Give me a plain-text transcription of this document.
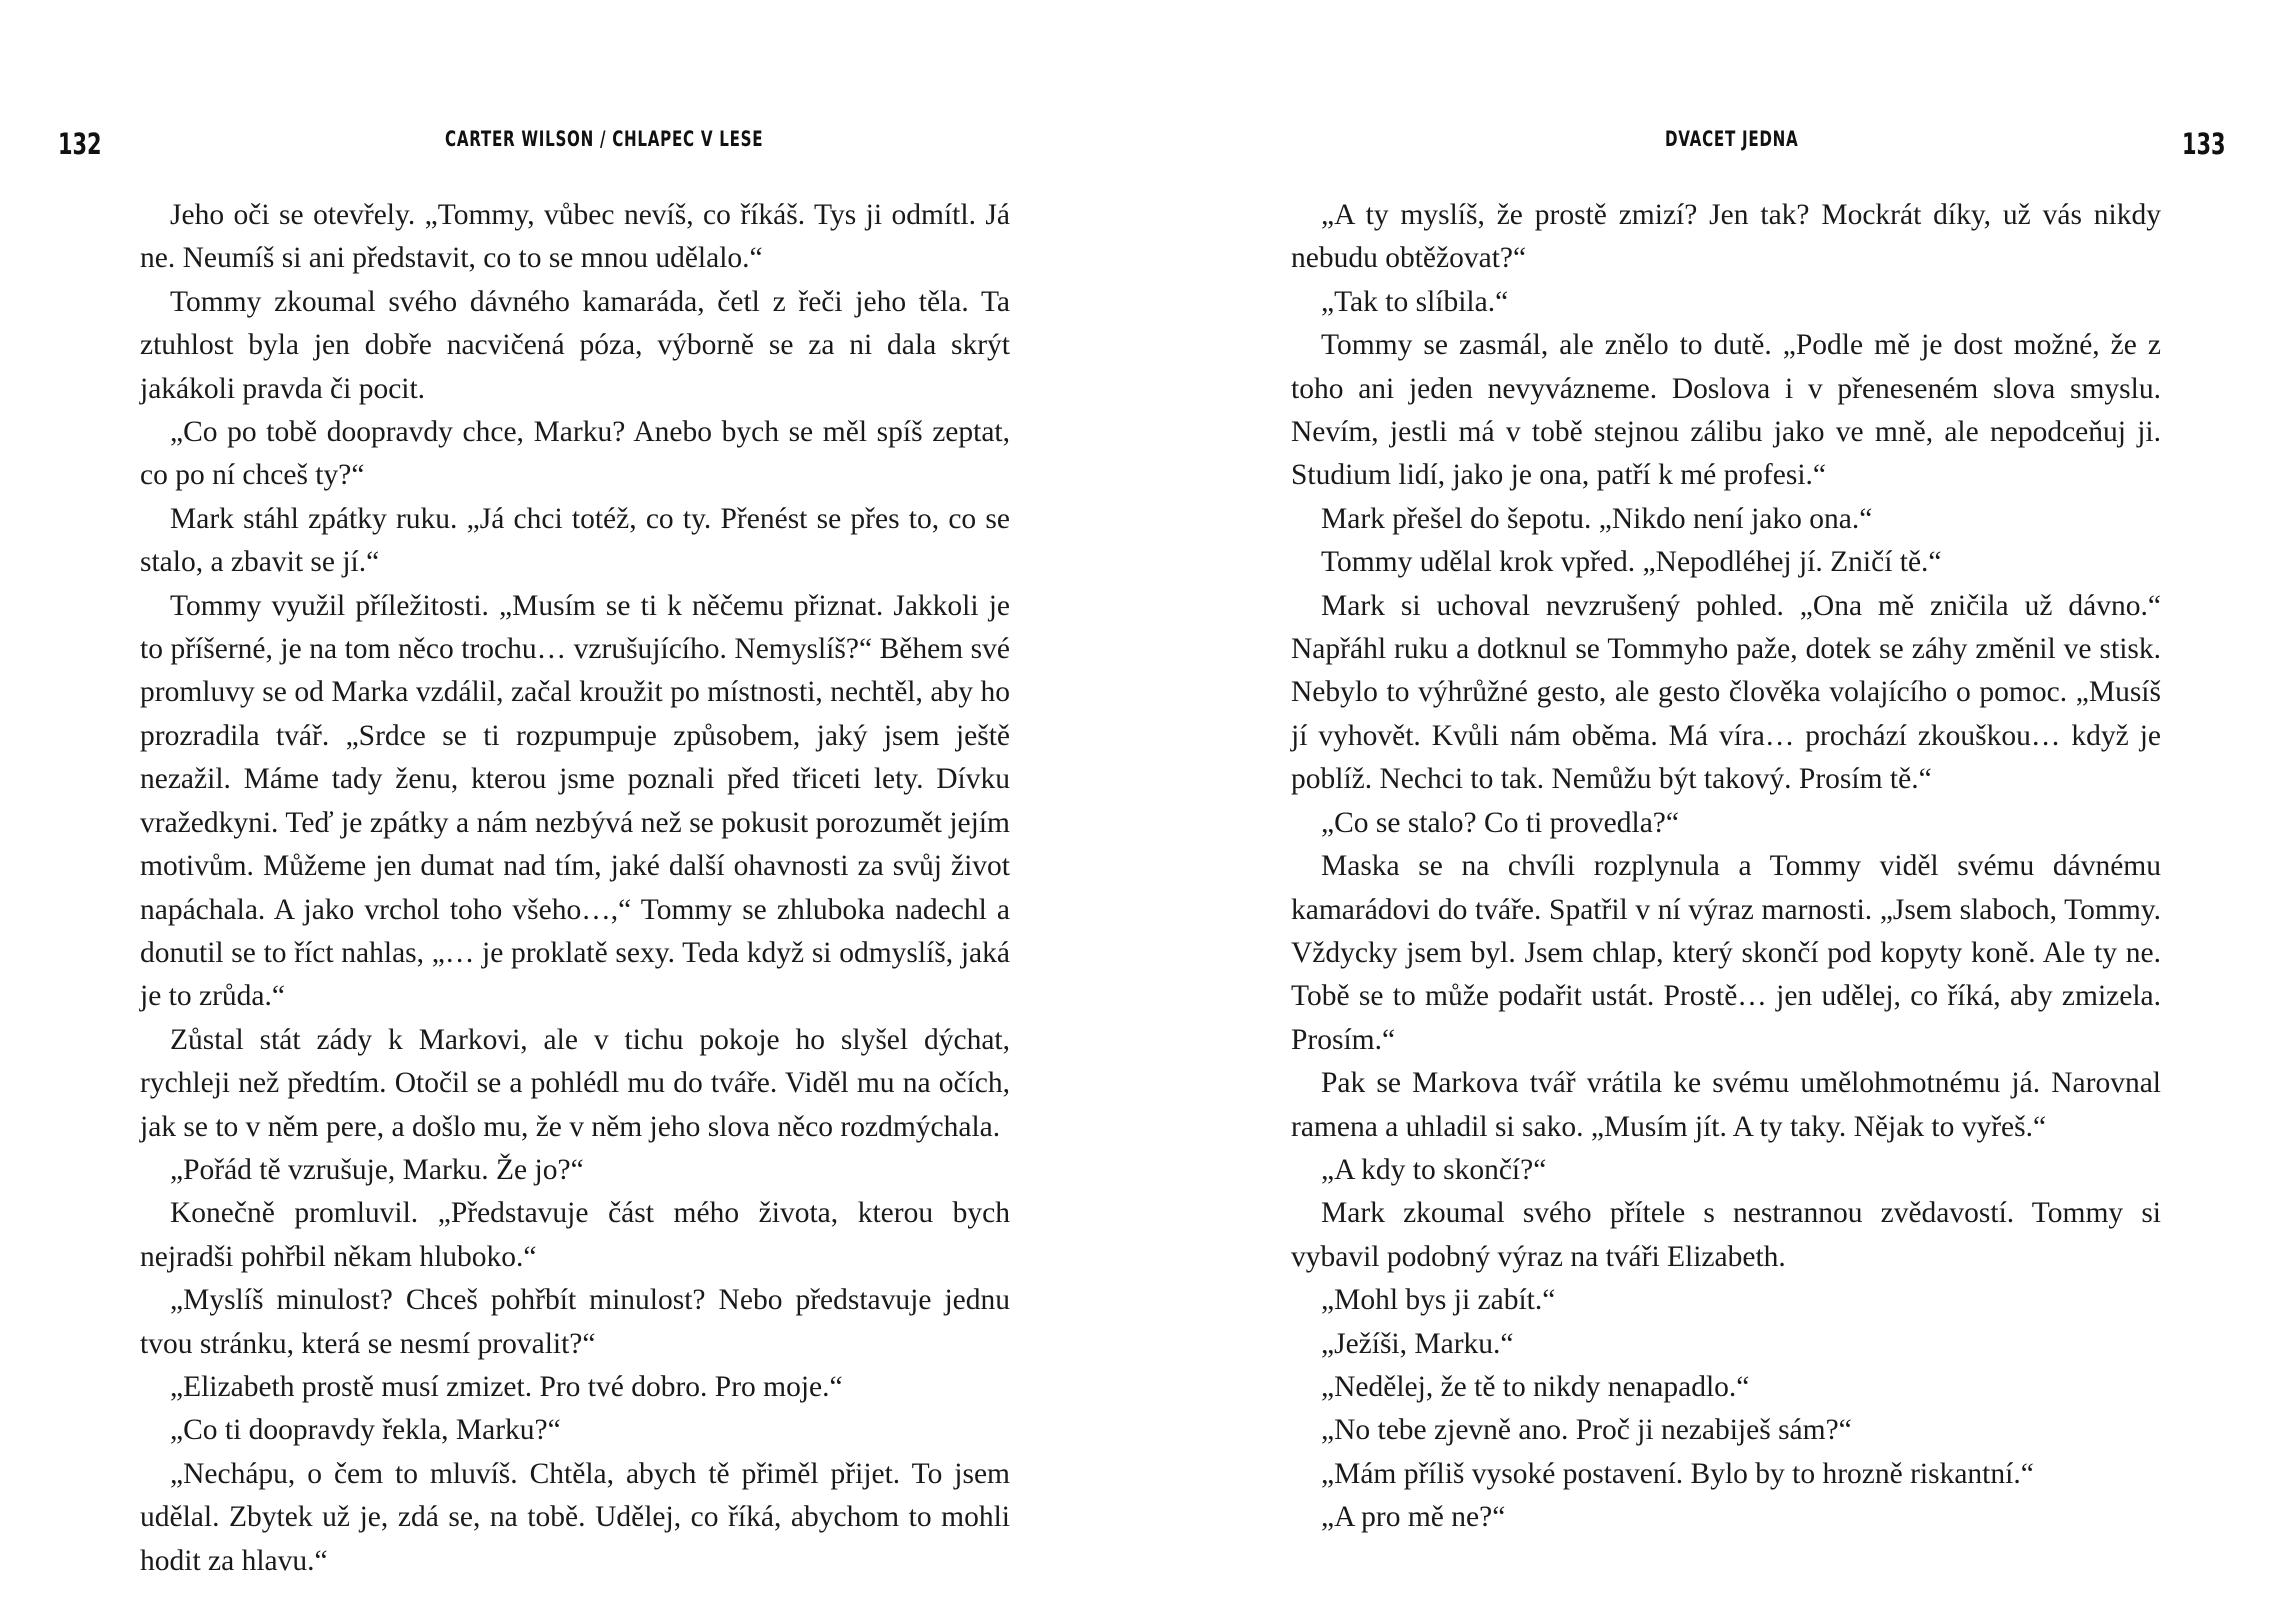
132	CARTER WILSON / CHLAPEC V LESE

Jeho oči se otevřely. „Tommy, vůbec nevíš, co říkáš. Tys ji odmítl. Já ne. Neumíš si ani představit, co to se mnou udělalo.“

Tommy zkoumal svého dávného kamaráda, četl z řeči jeho těla. Ta ztuhlost byla jen dobře nacvičená póza, výborně se za ni dala skrýt jakákoli pravda či pocit.

„Co po tobě doopravdy chce, Marku? Anebo bych se měl spíš zeptat, co po ní chceš ty?“

Mark stáhl zpátky ruku. „Já chci totéž, co ty. Přenést se přes to, co se stalo, a zbavit se jí.“

Tommy využil příležitosti. „Musím se ti k něčemu přiznat. Jakkoli je to příšerné, je na tom něco trochu… vzrušujícího. Nemyslíš?“ Během své promluvy se od Marka vzdálil, začal kroužit po místnosti, nechtěl, aby ho prozradila tvář. „Srdce se ti rozpumpuje způsobem, jaký jsem ještě nezažil. Máme tady ženu, kterou jsme poznali před třiceti lety. Dívku vražedkyni. Teď je zpátky a nám nezbývá než se pokusit porozumět jejím motivům. Můžeme jen dumat nad tím, jaké další ohavnosti za svůj život napáchala. A jako vrchol toho všeho…,“ Tommy se zhluboka nadechl a donutil se to říct nahlas, „… je proklatě sexy. Teda když si odmyslíš, jaká je to zrůda.“

Zůstal stát zády k Markovi, ale v tichu pokoje ho slyšel dýchat, rychleji než předtím. Otočil se a pohlédl mu do tváře. Viděl mu na očích, jak se to v něm pere, a došlo mu, že v něm jeho slova něco rozdmýchala.

„Pořád tě vzrušuje, Marku. Že jo?“

Konečně promluvil. „Představuje část mého života, kterou bych nejradši pohřbil někam hluboko.“

„Myslíš minulost? Chceš pohřbít minulost? Nebo představuje jednu tvou stránku, která se nesmí provalit?“

„Elizabeth prostě musí zmizet. Pro tvé dobro. Pro moje.“

„Co ti doopravdy řekla, Marku?“

„Nechápu, o čem to mluvíš. Chtěla, abych tě přiměl přijet. To jsem udělal. Zbytek už je, zdá se, na tobě. Udělej, co říká, abychom to mohli hodit za hlavu.“

DVACET JEDNA	133

„A ty myslíš, že prostě zmizí? Jen tak? Mockrát díky, už vás nikdy nebudu obtěžovat?“

„Tak to slíbila.“

Tommy se zasmál, ale znělo to dutě. „Podle mě je dost možné, že z toho ani jeden nevyvázneme. Doslova i v přeneseném slova smyslu. Nevím, jestli má v tobě stejnou zálibu jako ve mně, ale nepodceňuj ji. Studium lidí, jako je ona, patří k mé profesi.“

Mark přešel do šepotu. „Nikdo není jako ona.“

Tommy udělal krok vpřed. „Nepodléhej jí. Zničí tě.“

Mark si uchoval nevzrušený pohled. „Ona mě zničila už dávno.“ Napřáhl ruku a dotknul se Tommyho paže, dotek se záhy změnil ve stisk. Nebylo to výhrůžné gesto, ale gesto člověka volajícího o pomoc. „Musíš jí vyhovět. Kvůli nám oběma. Má víra… prochází zkouškou… když je poblíž. Nechci to tak. Nemůžu být takový. Prosím tě.“

„Co se stalo? Co ti provedla?“

Maska se na chvíli rozplynula a Tommy viděl svému dávnému kamarádovi do tváře. Spatřil v ní výraz marnosti. „Jsem slaboch, Tommy. Vždycky jsem byl. Jsem chlap, který skončí pod kopyty koně. Ale ty ne. Tobě se to může podařit ustát. Prostě… jen udělej, co říká, aby zmizela. Prosím.“

Pak se Markova tvář vrátila ke svému umělohmotnému já. Narovnal ramena a uhladil si sako. „Musím jít. A ty taky. Nějak to vyřeš.“

„A kdy to skončí?“

Mark zkoumal svého přítele s nestrannou zvědavostí. Tommy si vybavil podobný výraz na tváři Elizabeth.

„Mohl bys ji zabít.“

„Ježíši, Marku.“

„Nedělej, že tě to nikdy nenapadlo.“

„No tebe zjevně ano. Proč ji nezabiješ sám?“

„Mám příliš vysoké postavení. Bylo by to hrozně riskantní.“

„A pro mě ne?“
